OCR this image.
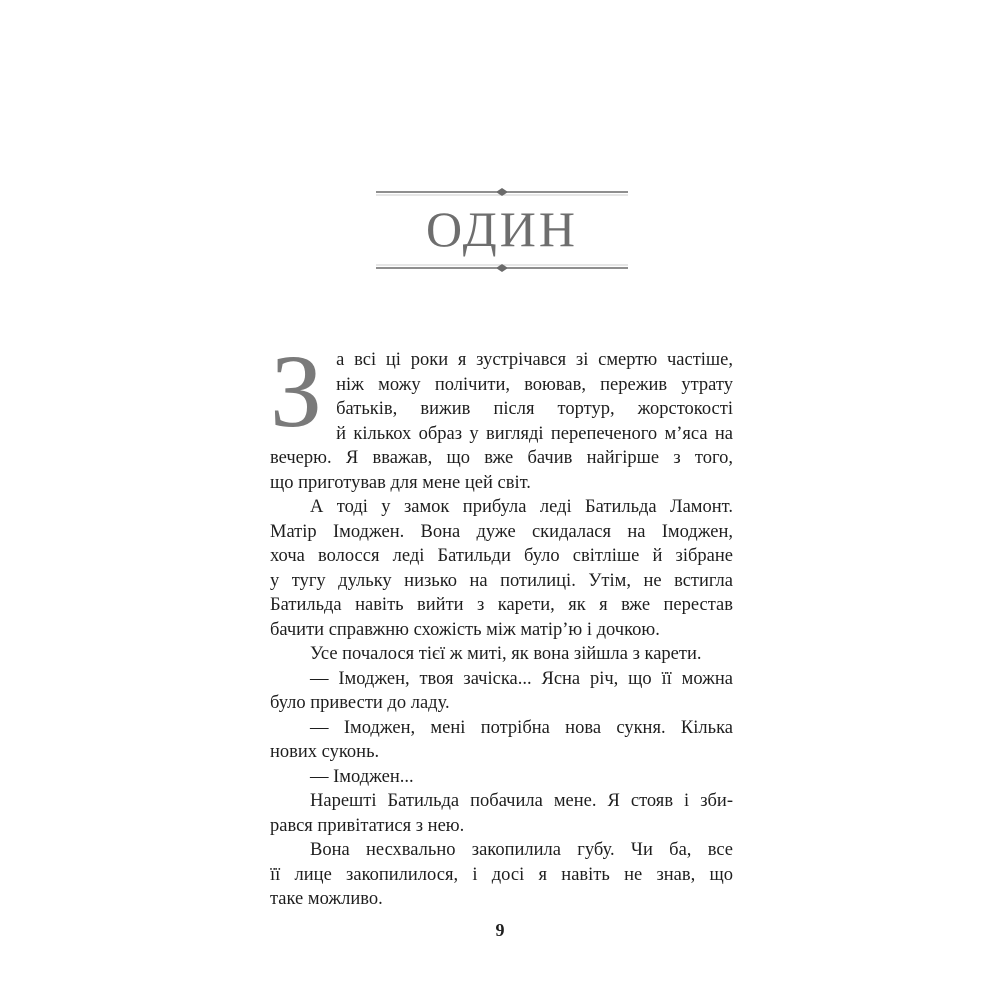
ОДИН
З а всі ці роки я зустрічався зі смертю частіше,
ніж можу полічити, воював, пережив утрату
батьків, вижив після тортур, жорстокості
й кількох образ у вигляді перепеченого м’яса на
вечерю. Я вважав, що вже бачив найгірше з того,
що приготував для мене цей світ.
А тоді у замок прибула леді Батильда Ламонт.
Матір Імоджен. Вона дуже скидалася на Імоджен,
хоча волосся леді Батильди було світліше й зібране
у тугу дульку низько на потилиці. Утім, не встигла
Батильда навіть вийти з карети, як я вже перестав
бачити справжню схожість між матір’ю і дочкою.
Усе почалося тієї ж миті, як вона зійшла з карети.
— Імоджен, твоя зачіска... Ясна річ, що її можна
було привести до ладу.
— Імоджен, мені потрібна нова сукня. Кілька
нових суконь.
— Імоджен...
Нарешті Батильда побачила мене. Я стояв і зби-
рався привітатися з нею.
Вона несхвально закопилила губу. Чи ба, все
її лице закопилилося, і досі я навіть не знав, що
таке можливо.
9
